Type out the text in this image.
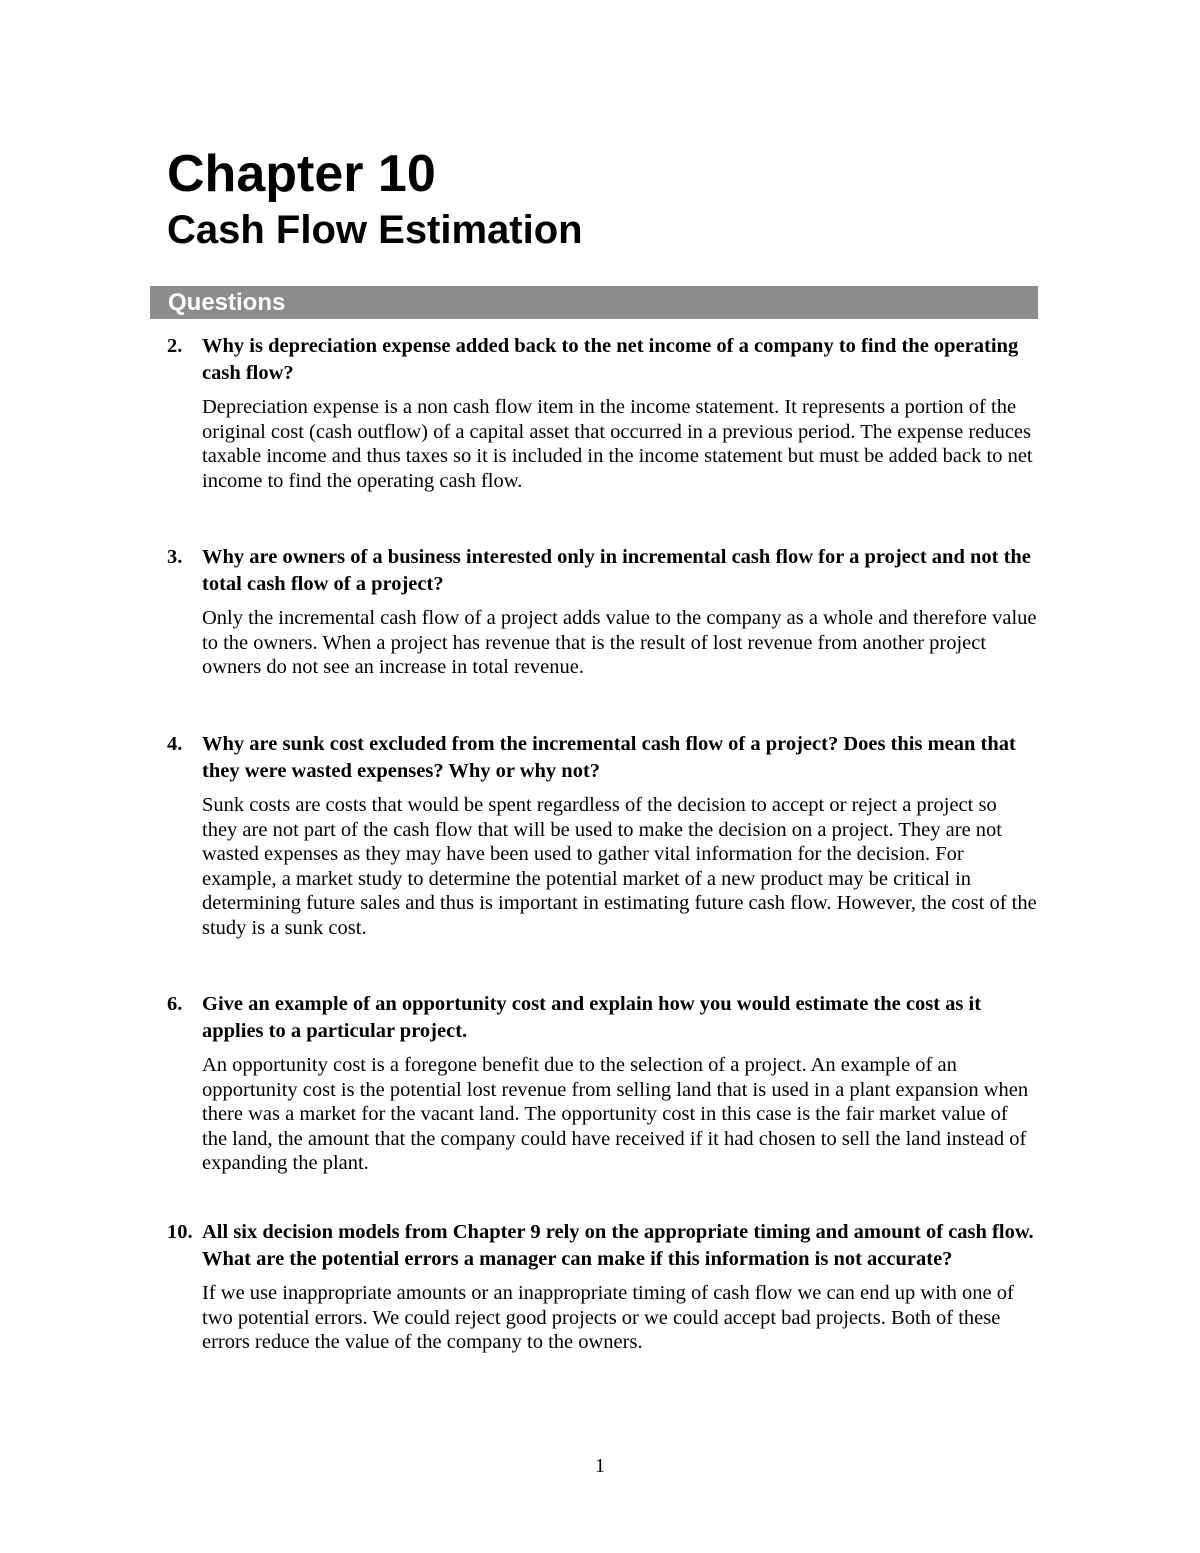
Chapter 10
Cash Flow Estimation
Questions

2. Why is depreciation expense added back to the net income of a company to find the operating cash flow?

Depreciation expense is a non cash flow item in the income statement. It represents a portion of the original cost (cash outflow) of a capital asset that occurred in a previous period. The expense reduces taxable income and thus taxes so it is included in the income statement but must be added back to net income to find the operating cash flow.

3. Why are owners of a business interested only in incremental cash flow for a project and not the total cash flow of a project?

Only the incremental cash flow of a project adds value to the company as a whole and therefore value to the owners. When a project has revenue that is the result of lost revenue from another project owners do not see an increase in total revenue.

4. Why are sunk cost excluded from the incremental cash flow of a project? Does this mean that they were wasted expenses? Why or why not?

Sunk costs are costs that would be spent regardless of the decision to accept or reject a project so they are not part of the cash flow that will be used to make the decision on a project. They are not wasted expenses as they may have been used to gather vital information for the decision. For example, a market study to determine the potential market of a new product may be critical in determining future sales and thus is important in estimating future cash flow. However, the cost of the study is a sunk cost.

6. Give an example of an opportunity cost and explain how you would estimate the cost as it applies to a particular project.

An opportunity cost is a foregone benefit due to the selection of a project. An example of an opportunity cost is the potential lost revenue from selling land that is used in a plant expansion when there was a market for the vacant land. The opportunity cost in this case is the fair market value of the land, the amount that the company could have received if it had chosen to sell the land instead of expanding the plant.

10. All six decision models from Chapter 9 rely on the appropriate timing and amount of cash flow. What are the potential errors a manager can make if this information is not accurate?

If we use inappropriate amounts or an inappropriate timing of cash flow we can end up with one of two potential errors. We could reject good projects or we could accept bad projects. Both of these errors reduce the value of the company to the owners.
1
